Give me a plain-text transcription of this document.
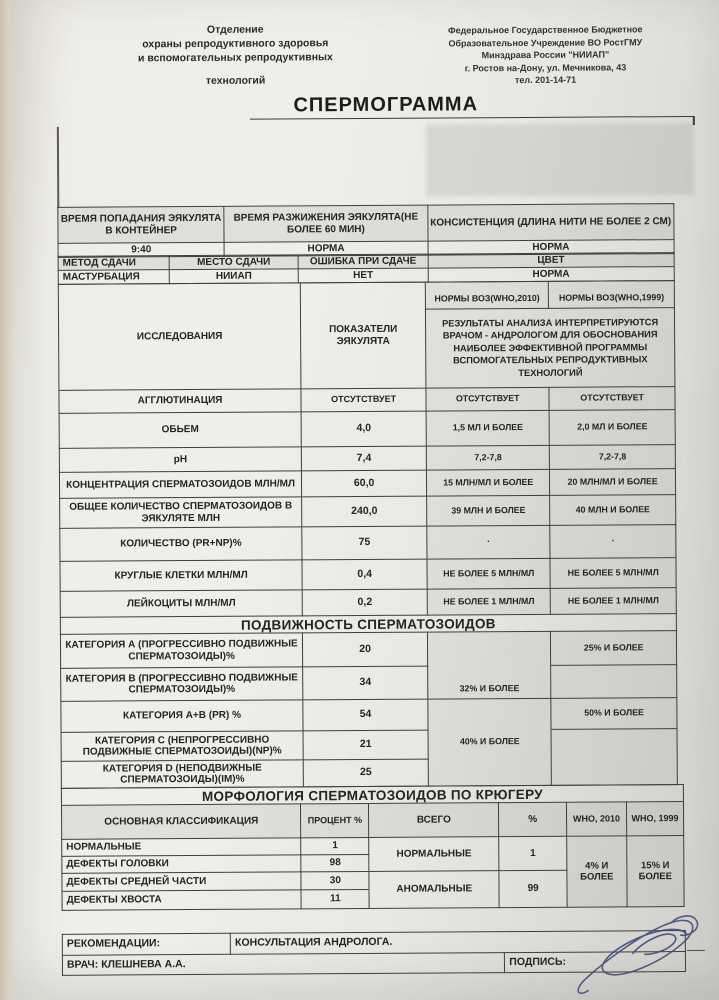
Отделение
охраны репродуктивного здоровья
и вспомогательных репродуктивных
технологий
Федеральное Государственное Бюджетное
Образовательное Учреждение ВО РостГМУ
Минздрава России "НИИАП"
г. Ростов на-Дону, ул. Мечникова, 43
тел. 201-14-71
СПЕРМОГРАММА
ВРЕМЯ ПОПАДАНИЯ ЭЯКУЛЯТА В КОНТЕЙНЕР	ВРЕМЯ РАЗЖИЖЕНИЯ ЭЯКУЛЯТА(НЕ БОЛЕЕ 60 МИН)	КОНСИСТЕНЦИЯ (ДЛИНА НИТИ НЕ БОЛЕЕ 2 СМ)
9:40	НОРМА	НОРМА
МЕТОД СДАЧИ	МЕСТО СДАЧИ	ОШИБКА ПРИ СДАЧЕ	ЦВЕТ
МАСТУРБАЦИЯ	НИИАП	НЕТ	НОРМА
ИССЛЕДОВАНИЯ	ПОКАЗАТЕЛИ ЭЯКУЛЯТА	НОРМЫ ВОЗ(WHO,2010)	НОРМЫ ВОЗ(WHO,1999)
		РЕЗУЛЬТАТЫ АНАЛИЗА ИНТЕРПРЕТИРУЮТСЯ ВРАЧОМ - АНДРОЛОГОМ ДЛЯ ОБОСНОВАНИЯ НАИБОЛЕЕ ЭФФЕКТИВНОЙ ПРОГРАММЫ ВСПОМОГАТЕЛЬНЫХ РЕПРОДУКТИВНЫХ ТЕХНОЛОГИЙ	
АГГЛЮТИНАЦИЯ	ОТСУТСТВУЕТ	ОТСУТСТВУЕТ	ОТСУТСТВУЕТ
ОБЬЕМ	4,0	1,5 МЛ И БОЛЕЕ	2,0 МЛ И БОЛЕЕ
pH	7,4	7,2-7,8	7,2-7,8
КОНЦЕНТРАЦИЯ СПЕРМАТОЗОИДОВ МЛН/МЛ	60,0	15 МЛН/МЛ И БОЛЕЕ	20 МЛН/МЛ И БОЛЕЕ
ОБЩЕЕ КОЛИЧЕСТВО СПЕРМАТОЗОИДОВ В ЭЯКУЛЯТЕ МЛН	240,0	39 МЛН И БОЛЕЕ	40 МЛН И БОЛЕЕ
КОЛИЧЕСТВО (PR+NP)%	75	·	·
КРУГЛЫЕ КЛЕТКИ МЛН/МЛ	0,4	НЕ БОЛЕЕ 5 МЛН/МЛ	НЕ БОЛЕЕ 5 МЛН/МЛ
ЛЕЙКОЦИТЫ МЛН/МЛ	0,2	НЕ БОЛЕЕ 1 МЛН/МЛ	НЕ БОЛЕЕ 1 МЛН/МЛ
ПОДВИЖНОСТЬ СПЕРМАТОЗОИДОВ			
КАТЕГОРИЯ А (ПРОГРЕССИВНО ПОДВИЖНЫЕ СПЕРМАТОЗОИДЫ)%	20	32% И БОЛЕЕ	25% И БОЛЕЕ
КАТЕГОРИЯ В (ПРОГРЕССИВНО ПОДВИЖНЫЕ СПЕРМАТОЗОИДЫ)%	34		
КАТЕГОРИЯ А+В (PR) %	54	40% И БОЛЕЕ	50% И БОЛЕЕ
КАТЕГОРИЯ С (НЕПРОГРЕССИВНО ПОДВИЖНЫЕ СПЕРМАТОЗОИДЫ)(NP)%	21		
КАТЕГОРИЯ D (НЕПОДВИЖНЫЕ СПЕРМАТОЗОИДЫ)(IM)%	25		
МОРФОЛОГИЯ СПЕРМАТОЗОИДОВ ПО КРЮГЕРУ					
ОСНОВНАЯ КЛАССИФИКАЦИЯ	ПРОЦЕНТ %	ВСЕГО	%	WHO, 2010	WHO, 1999
НОРМАЛЬНЫЕ	1	НОРМАЛЬНЫЕ	1	4% И БОЛЕЕ	15% И БОЛЕЕ
ДЕФЕКТЫ ГОЛОВКИ	98				
ДЕФЕКТЫ СРЕДНЕЙ ЧАСТИ	30	АНОМАЛЬНЫЕ	99		
ДЕФЕКТЫ ХВОСТА	11				
РЕКОМЕНДАЦИИ:	КОНСУЛЬТАЦИЯ АНДРОЛОГА.	
ВРАЧ: КЛЕШНЕВА А.А.		ПОДПИСЬ:
